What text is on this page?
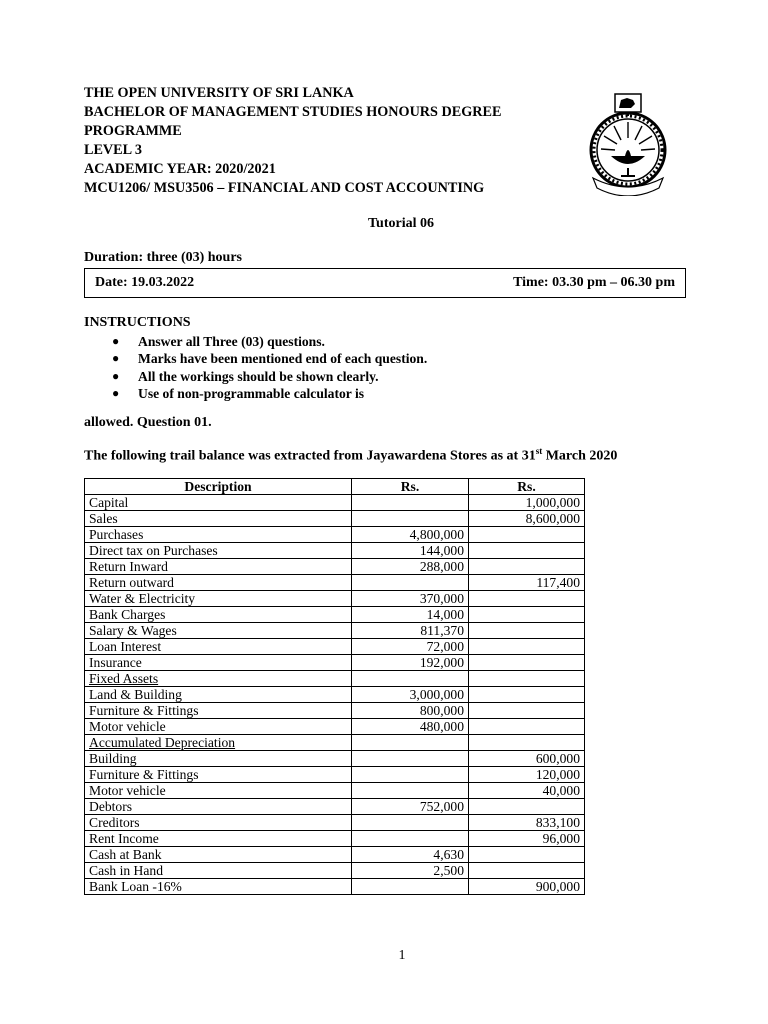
THE OPEN UNIVERSITY OF SRI LANKA
BACHELOR OF MANAGEMENT STUDIES HONOURS DEGREE
PROGRAMME
LEVEL 3
ACADEMIC YEAR: 2020/2021
MCU1206/ MSU3506 – FINANCIAL AND COST ACCOUNTING
Tutorial 06
Duration: three (03) hours
Date: 19.03.2022	Time: 03.30 pm – 06.30 pm
INSTRUCTIONS
● Answer all Three (03) questions.
● Marks have been mentioned end of each question.
● All the workings should be shown clearly.
● Use of non-programmable calculator is
allowed. Question 01.
The following trail balance was extracted from Jayawardena Stores as at 31st March 2020
Description	Rs.	Rs.
Capital		1,000,000
Sales		8,600,000
Purchases	4,800,000	
Direct tax on Purchases	144,000	
Return Inward	288,000	
Return outward		117,400
Water & Electricity	370,000	
Bank Charges	14,000	
Salary & Wages	811,370	
Loan Interest	72,000	
Insurance	192,000	
Fixed Assets		
Land & Building	3,000,000	
Furniture & Fittings	800,000	
Motor vehicle	480,000	
Accumulated Depreciation		
Building		600,000
Furniture & Fittings		120,000
Motor vehicle		40,000
Debtors	752,000	
Creditors		833,100
Rent Income		96,000
Cash at Bank	4,630	
Cash in Hand	2,500	
Bank Loan -16%		900,000
1
